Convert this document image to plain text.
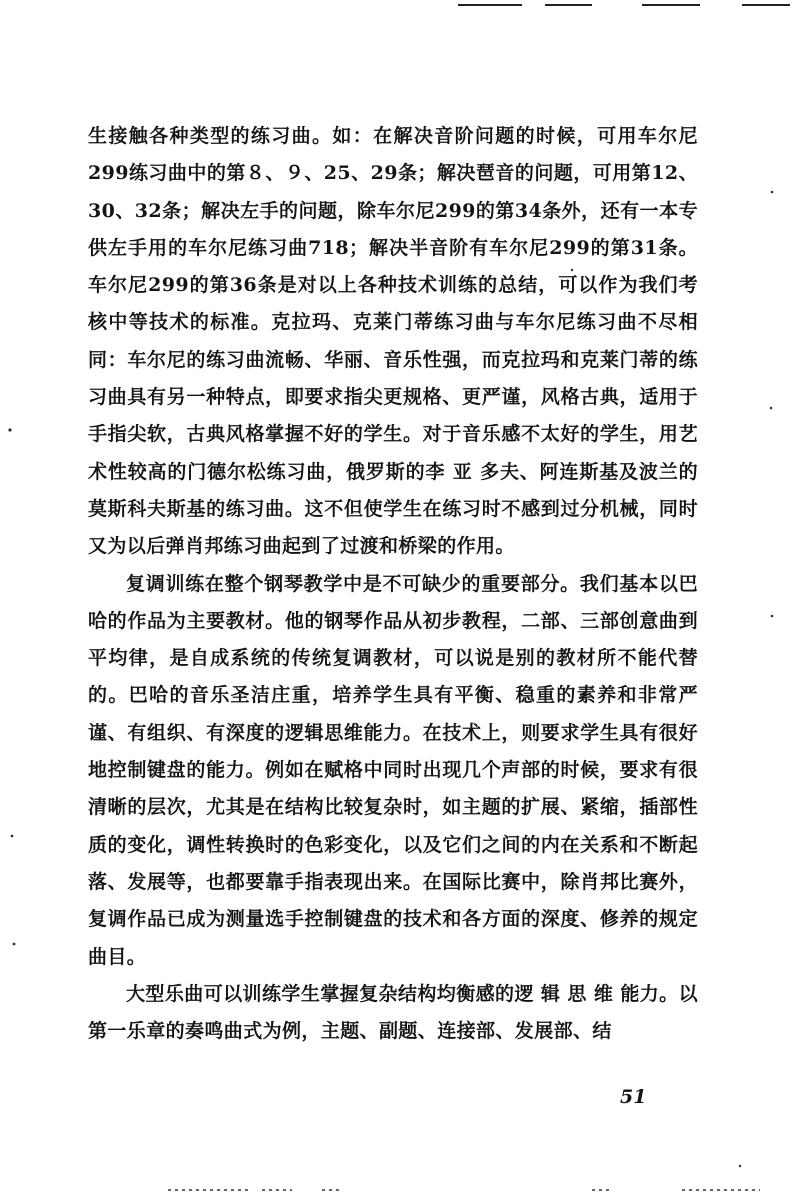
生接触各种类型的练习曲。如：在解决音阶问题的时候，可用车尔尼299练习曲中的第８、９、25、29条；解决琶音的问题，可用第12、30、32条；解决左手的问题，除车尔尼299的第34条外，还有一本专供左手用的车尔尼练习曲718；解决半音阶有车尔尼299的第31条。车尔尼299的第36条是对以上各种技术训练的总结，可以作为我们考核中等技术的标准。克拉玛、克莱门蒂练习曲与车尔尼练习曲不尽相同：车尔尼的练习曲流畅、华丽、音乐性强，而克拉玛和克莱门蒂的练习曲具有另一种特点，即要求指尖更规格、更严谨，风格古典，适用于手指尖软，古典风格掌握不好的学生。对于音乐感不太好的学生，用艺术性较高的门德尔松练习曲，俄罗斯的李 亚 多夫、阿连斯基及波兰的莫斯科夫斯基的练习曲。这不但使学生在练习时不感到过分机械，同时又为以后弹肖邦练习曲起到了过渡和桥梁的作用。

复调训练在整个钢琴教学中是不可缺少的重要部分。我们基本以巴哈的作品为主要教材。他的钢琴作品从初步教程，二部、三部创意曲到平均律，是自成系统的传统复调教材，可以说是别的教材所不能代替的。巴哈的音乐圣洁庄重，培养学生具有平衡、稳重的素养和非常严谨、有组织、有深度的逻辑思维能力。在技术上，则要求学生具有很好地控制键盘的能力。例如在赋格中同时出现几个声部的时候，要求有很清晰的层次，尤其是在结构比较复杂时，如主题的扩展、紧缩，插部性质的变化，调性转换时的色彩变化，以及它们之间的内在关系和不断起落、发展等，也都要靠手指表现出来。在国际比赛中，除肖邦比赛外，复调作品已成为测量选手控制键盘的技术和各方面的深度、修养的规定曲目。

大型乐曲可以训练学生掌握复杂结构均衡感的逻 辑 思 维 能力。以第一乐章的奏鸣曲式为例，主题、副题、连接部、发展部、结

51
